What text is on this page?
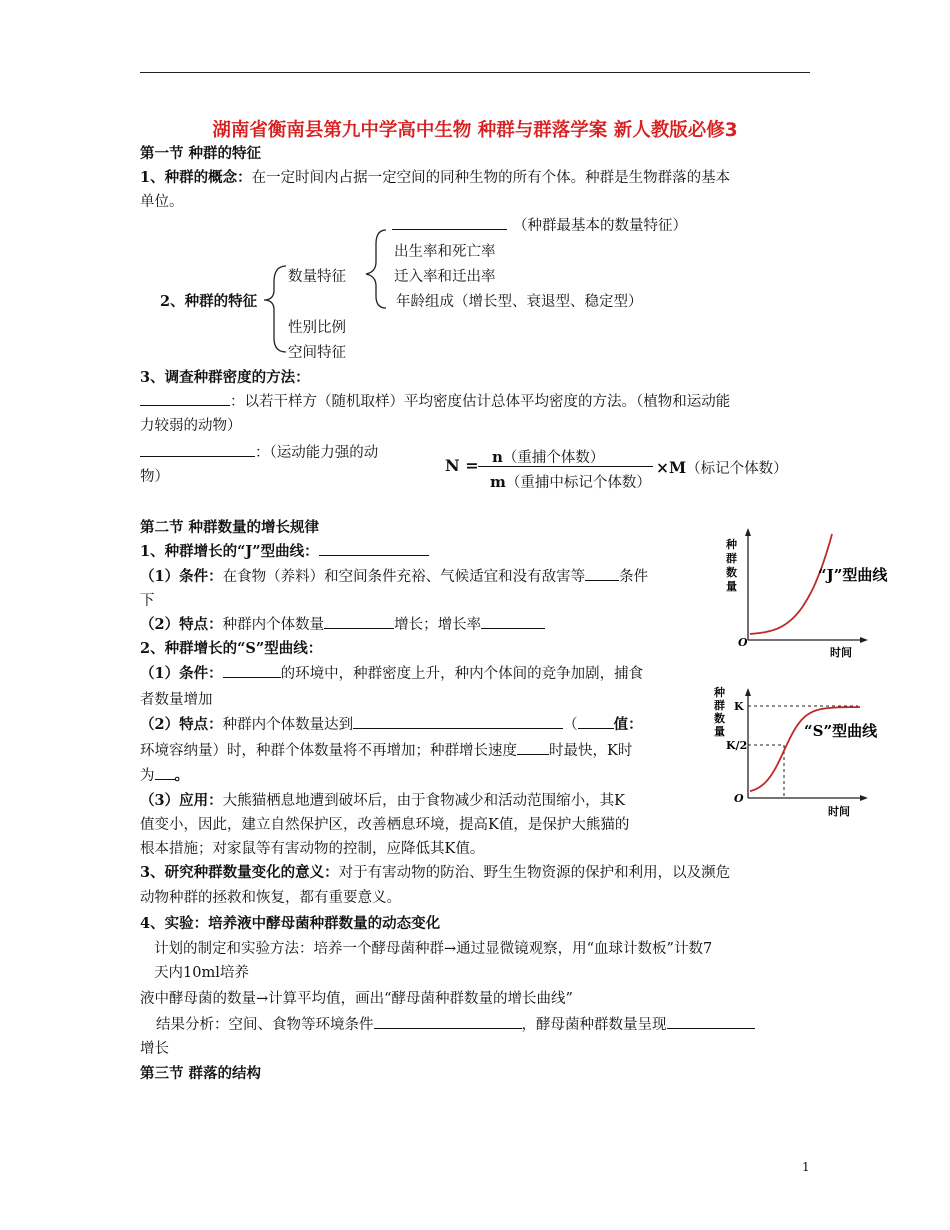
湖南省衡南县第九中学高中生物 种群与群落学案 新人教版必修3
第一节 种群的特征
1、种群的概念：在一定时间内占据一定空间的同种生物的所有个体。种群是生物群落的基本
单位。
（种群最基本的数量特征）
出生率和死亡率
迁入率和迁出率
年龄组成（增长型、衰退型、稳定型）
数量特征
性别比例
空间特征
2、种群的特征
3、调查种群密度的方法：
：以若干样方（随机取样）平均密度估计总体平均密度的方法。（植物和运动能
力较弱的动物）
：（运动能力强的动
物）
N = n（重捕个体数）
m（重捕中标记个体数）
×M（标记个体数）
第二节 种群数量的增长规律
1、种群增长的“J”型曲线：
（1）条件：在食物（养料）和空间条件充裕、气候适宜和没有敌害等 条件
下
（2）特点：种群内个体数量	增长；增长率
2、种群增长的“S”型曲线：
（1）条件：	的环境中，种群密度上升，种内个体间的竞争加剧，捕食
者数量增加
（2）特点：种群内个体数量达到	（ 值：
环境容纳量）时，种群个体数量将不再增加；种群增长速度 时最快，K时
为 。
（3）应用：大熊猫栖息地遭到破坏后，由于食物减少和活动范围缩小，其K
值变小，因此，建立自然保护区，改善栖息环境，提高K值，是保护大熊猫的
根本措施；对家鼠等有害动物的控制，应降低其K值。
3、研究种群数量变化的意义：对于有害动物的防治、野生生物资源的保护和利用，以及濒危
动物种群的拯救和恢复，都有重要意义。
4、实验：培养液中酵母菌种群数量的动态变化
计划的制定和实验方法：培养一个酵母菌种群→通过显微镜观察，用“血球计数板”计数7
天内10ml培养
液中酵母菌的数量→计算平均值，画出“酵母菌种群数量的增长曲线”
结果分析：空间、食物等环境条件	，酵母菌种群数量呈现
增长
第三节 群落的结构
种
群
数
量
O
时间
“J”型曲线
种
群
数
量
K
K/2
O
时间
“S”型曲线
1
